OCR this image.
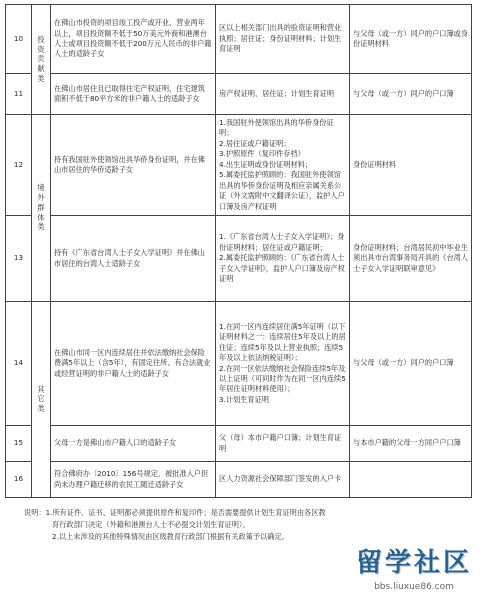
10	投
资
贡
献
类	在佛山市投资的项目竣工投产或开业、营业两年以上，项目投资额不低于50万美元外商和港澳台人士或项目投资额不低于200万元人民币的非户籍人士的适龄子女	区以上相关部门出具的验资证明和营业执照；居住证；身份证明材料；计划生育证明	与父母（或一方）同户的户口簿或身份证明材料
11		在佛山市居住且已取得住宅产权证明，住宅建筑面积不低于80平方米的非户籍人士的适龄子女	房产权证明、居住证；计划生育证明	与父母（或一方）同户的户口簿
12	境
外
群
体
类	持有我国驻外使领馆出具华侨身份证明，并在佛山市居住的华侨适龄子女	1.我国驻外使领馆出具的华侨身份证明；
2.居住证或户籍证明；
3.护照原件（复印件存档）
4.出生证明或身份证明材料；
5.属委托监护照顾的：我国驻外使领馆出具的华侨身份证明及相应亲属关系公证（外文需附中文翻译公证），监护人户口簿及房产权证明	身份证明材料
13		持有《广东省台湾人士子女入学证明》并在佛山市居住的台湾人士适龄子女	1.《广东省台湾人士子女入学证明》；身份证明材料；居住证或户籍证明；
2.属委托监护照顾的：《广东省台湾人士子女入学证明》，监护人户口簿及房产权证明	身份证明材料；台湾居民初中毕业生须出具市台湾事务局开具的《台湾人士子女入学证明联审意见》
14	其
它
类	在佛山市同一区内连续居住并依法缴纳社会保险费满5年以上（含5年），有固定住所、有合法就业或经营证明的非户籍人士的适龄子女	1.在同一区内连续居住满5年证明（以下证明材料之一：连续居住5年及以上的居住证；连续5年及以上营业执照；连续5年及以上依法纳税证明）；
2.在同一区依法缴纳社会保险连续5年及以上证明（可同时作为在同一区内连续5年居住证明材料使用）；
3.计划生育证明	与父母（或一方）同户的户口簿
15		父母一方是佛山市户籍人口的适龄子女	父（母）本市户籍户口簿；计划生育证明	与本市户籍的父母一方同户户口簿
16		符合佛府办〔2010〕156号规定，被批准入户但尚未办理户籍迁移的农民工随迁适龄子女	区人力资源社会保障部门签发的入户卡	
说明：1.所有证件、证书、证明都必须提供原件和复印件；是否需要提供计划生育证明由各区教
育行政部门决定（外籍和港澳台人士不必提交计划生育证明）。
2.以上未涉及的其他特殊情况由区级教育行政部门根据有关政策予以确定。
留学社区
bbs.liuxue86.com
